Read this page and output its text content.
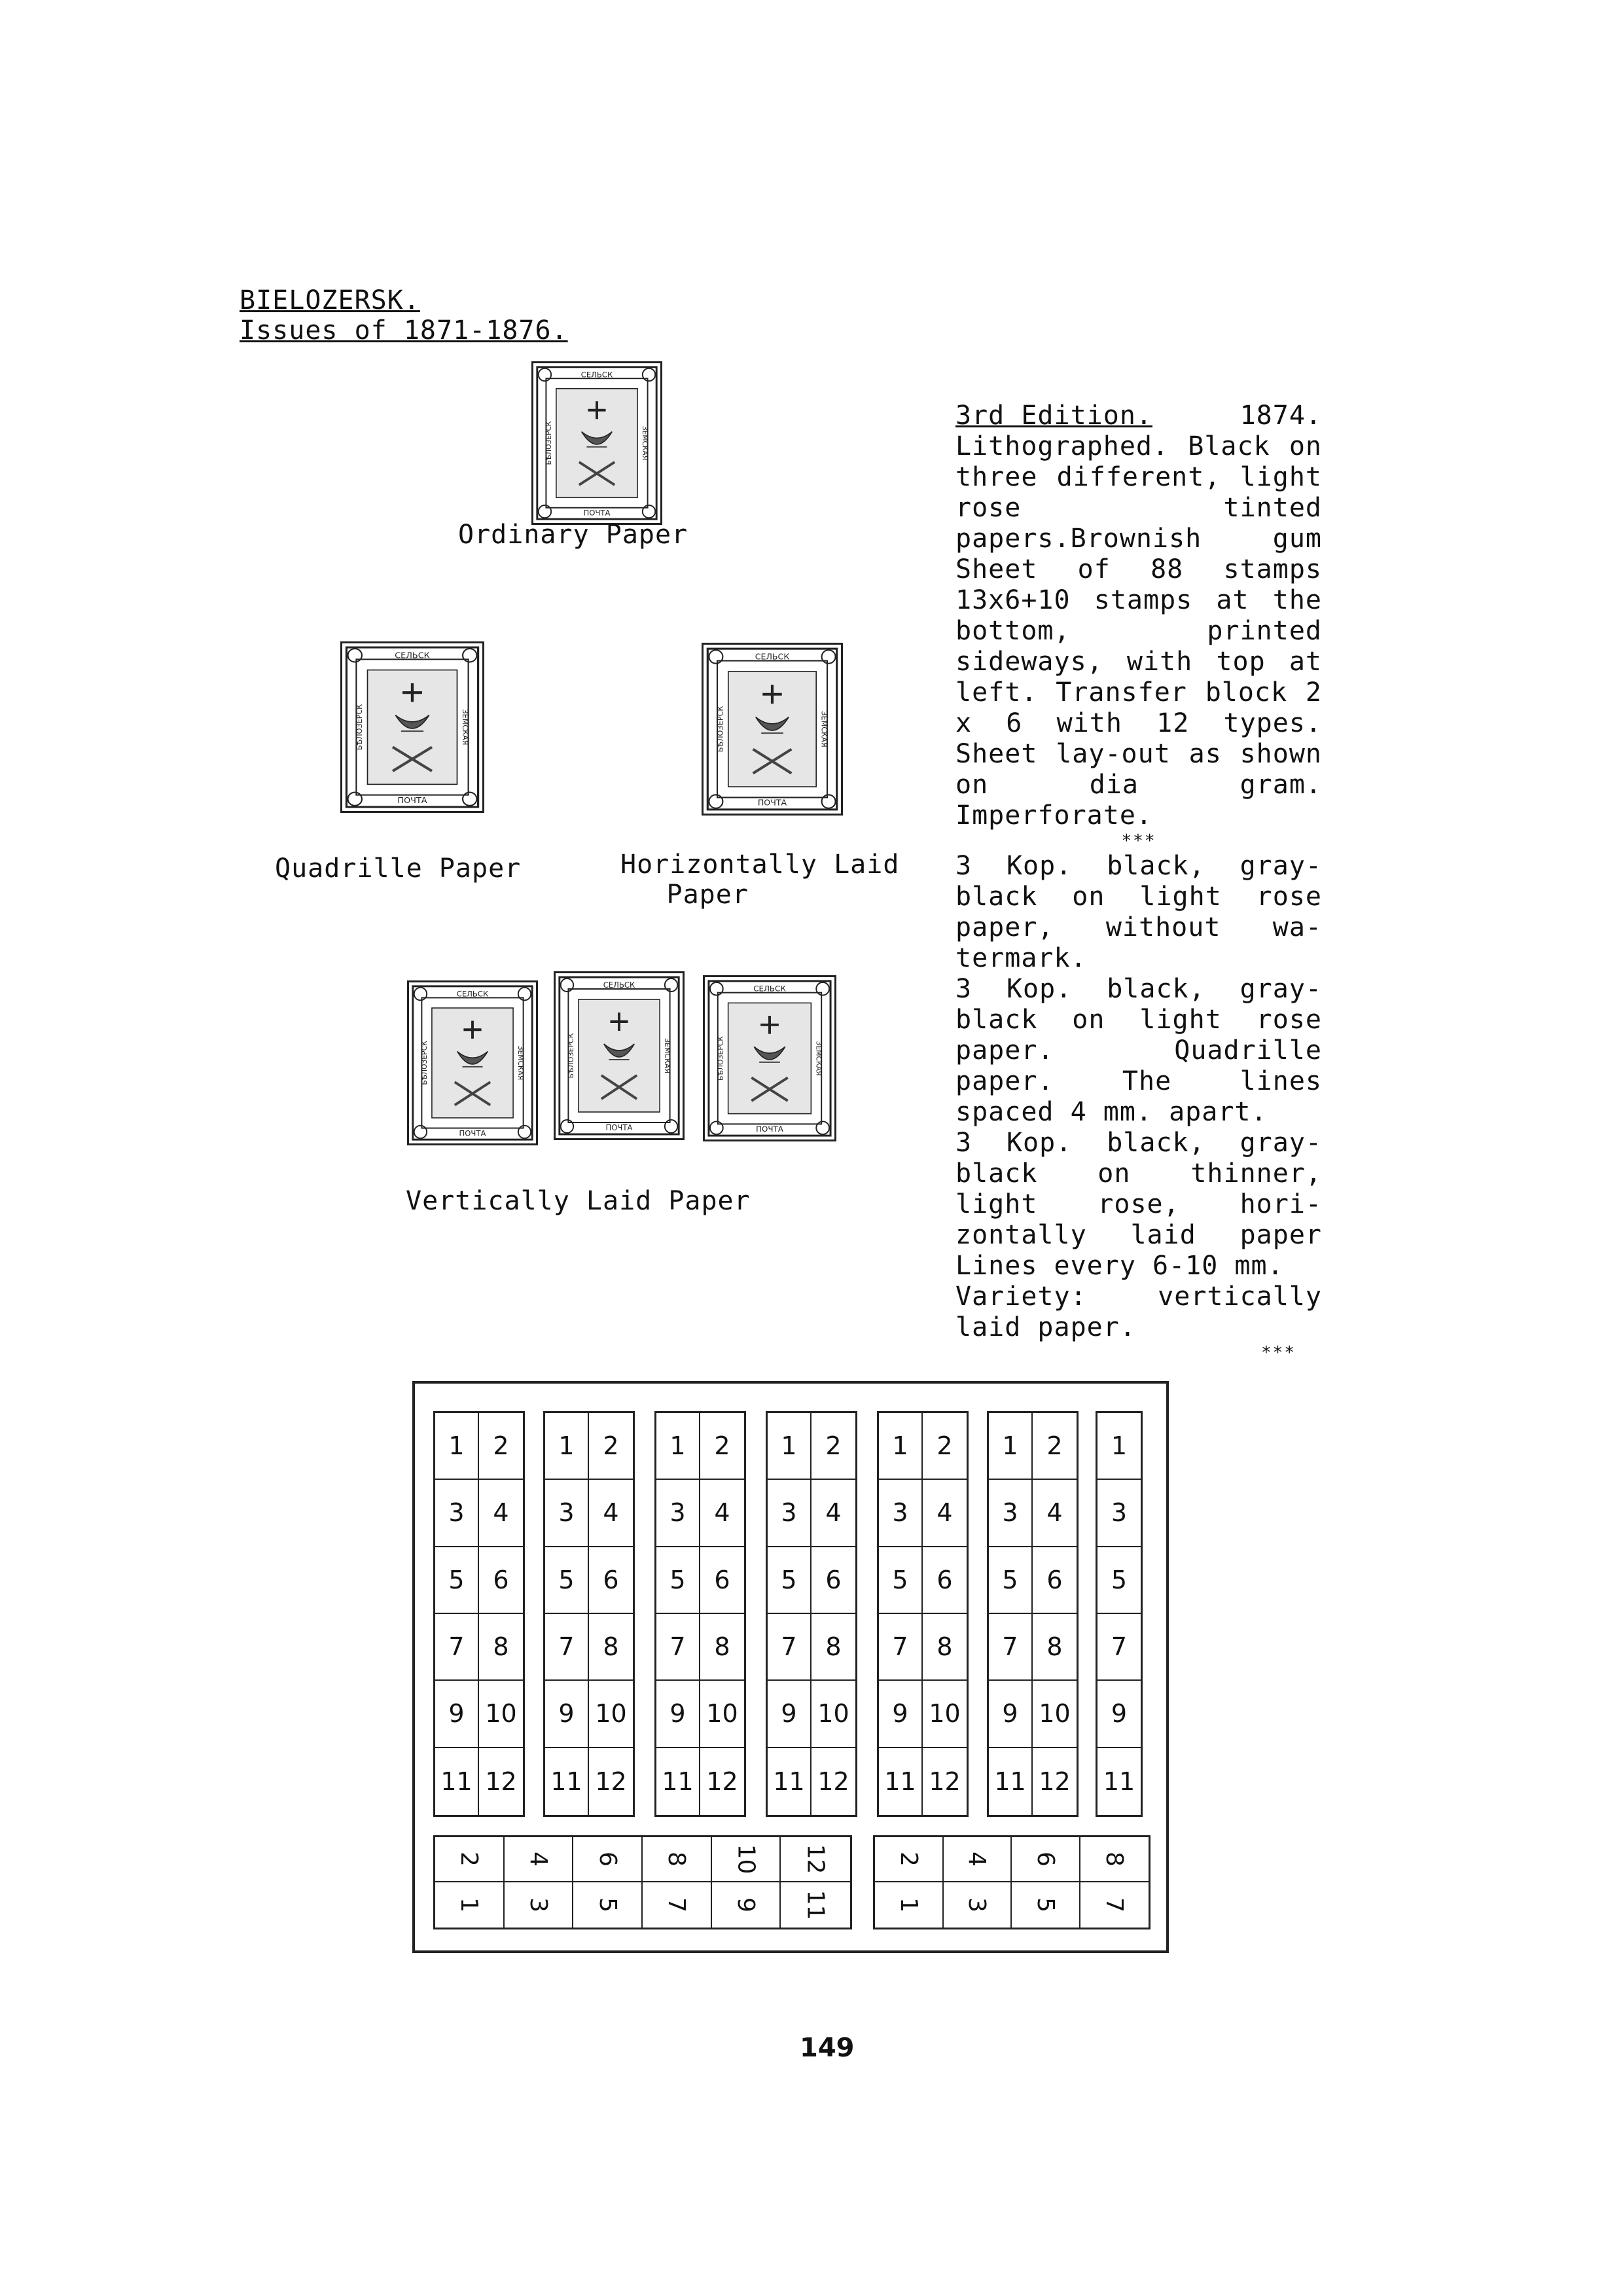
BIELOZERSK.
Issues of 1871-1876.
СЕЛЬСК
ПОЧТА
БѢЛОЗЕРСК	ЗЕМСКАЯ
Ordinary Paper
СЕЛЬСК
ПОЧТА
БѢЛОЗЕРСК	ЗЕМСКАЯ
СЕЛЬСК
ПОЧТА
БѢЛОЗЕРСК	ЗЕМСКАЯ
Quadrille Paper	Horizontally Laid
Paper
СЕЛЬСК
ПОЧТА
БѢЛОЗЕРСК	ЗЕМСКАЯ
СЕЛЬСК
ПОЧТА
БѢЛОЗЕРСК	ЗЕМСКАЯ
СЕЛЬСК
ПОЧТА
БѢЛОЗЕРСК	ЗЕМСКАЯ
Vertically Laid Paper

3rd Edition.	1874.

Lithographed. Black on three different, light rose tinted papers.Brownish gum Sheet of 88 stamps 13x6+10 stamps at the bottom, printed sideways, with top at left. Transfer block 2 x 6 with 12 types. Sheet lay-out as shown on dia gram. Imperforate.

***

3 Kop. black, gray-black on light rose paper, without wa-termark.

3 Kop. black, gray-black on light rose paper. Quadrille paper. The lines spaced 4 mm. apart.

3 Kop. black, gray-black on thinner, light rose, hori-zontally laid paper Lines every 6-10 mm.

Variety: vertically laid paper.

***

1	2
3	4
5	6
7	8
9 10
11 12
1	2
3	4
5	6
7	8
9 10
11 12
1	2
3	4
5	6
7	8
9 10
11 12
1	2
3	4
5	6
7	8
9 10
11 12
1	2
3	4
5	6
7	8
9 10
11 12
1	2
3	4
5	6
7	8
9 10
11 12
1
3
5
7
9
11
2 4 6 8 10 12
1 3 5 7 9 11
2 4 6 8
1 3 5 7
149
